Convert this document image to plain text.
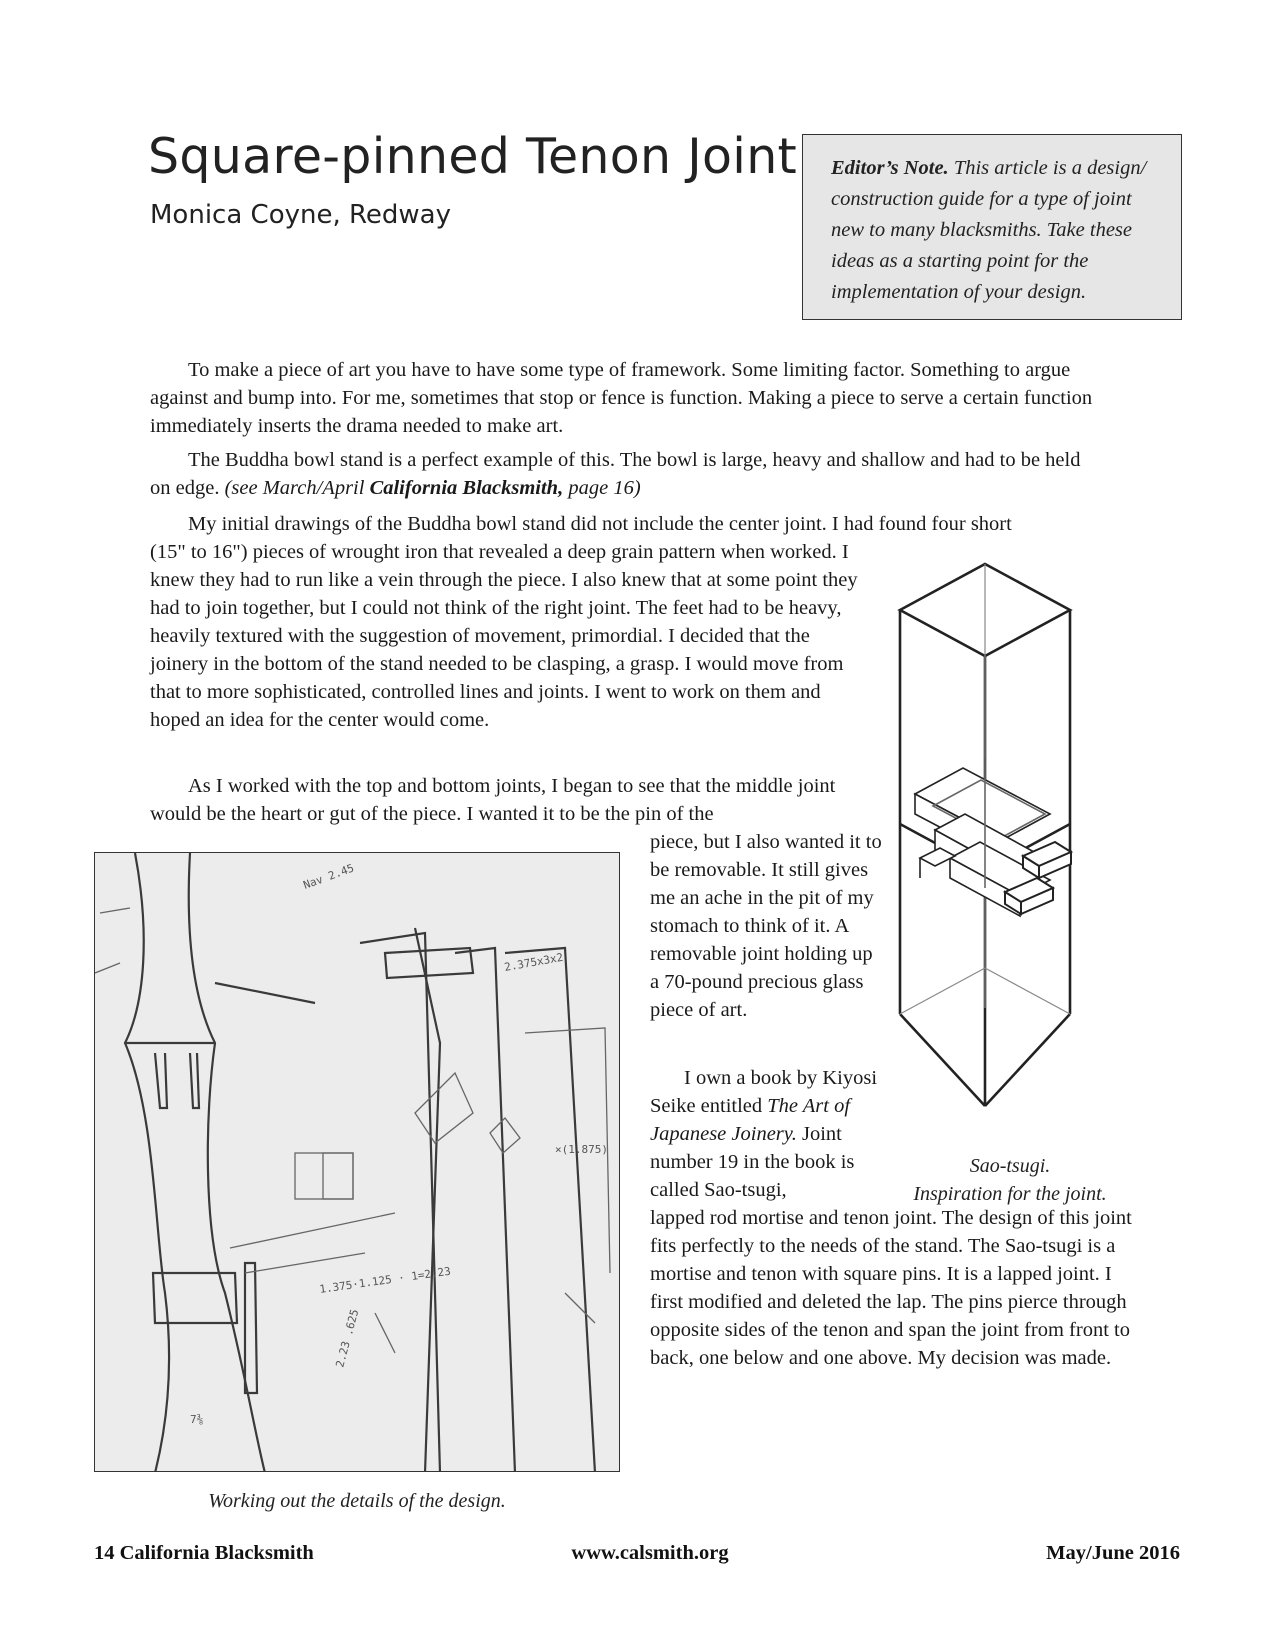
Square-pinned Tenon Joint
Monica Coyne, Redway
Editor’s Note. This article is a design/ construction guide for a type of joint new to many blacksmiths. Take these ideas as a starting point for the implementation of your design.

To make a piece of art you have to have some type of framework. Some limiting factor. Something to argue against and bump into. For me, sometimes that stop or fence is function. Making a piece to serve a certain function immediately inserts the drama needed to make art.

The Buddha bowl stand is a perfect example of this. The bowl is large, heavy and shallow and had to be held on edge. (see March/April California Blacksmith, page 16)

My initial drawings of the Buddha bowl stand did not include the center joint. I had found four short

(15" to 16") pieces of wrought iron that revealed a deep grain pattern when worked. I knew they had to run like a vein through the piece. I also knew that at some point they had to join together, but I could not think of the right joint. The feet had to be heavy, heavily textured with the suggestion of movement, primordial. I decided that the joinery in the bottom of the stand needed to be clasping, a grasp. I would move from that to more sophisticated, controlled lines and joints. I went to work on them and hoped an idea for the center would come.

As I worked with the top and bottom joints, I began to see that the middle joint would be the heart or gut of the piece. I wanted it to be the pin of the

piece, but I also wanted it to be removable. It still gives me an ache in the pit of my stomach to think of it. A removable joint holding up a 70-pound precious glass piece of art.

I own a book by Kiyosi Seike entitled The Art of Japanese Joinery. Joint number 19 in the book is called Sao-tsugi,

lapped rod mortise and tenon joint. The design of this joint fits perfectly to the needs of the stand. The Sao-tsugi is a mortise and tenon with square pins. It is a lapped joint. I first modified and deleted the lap. The pins pierce through opposite sides of the tenon and span the joint from front to back, one below and one above. My decision was made.

Sao-tsugi.
Inspiration for the joint.
Nav 2.45
2.375x3x2
×(1.875)
1.375·1.125 · 1=2.23
2.23 .625
7⅜
Working out the details of the design.
14 California Blacksmith	www.calsmith.org	May/June 2016
